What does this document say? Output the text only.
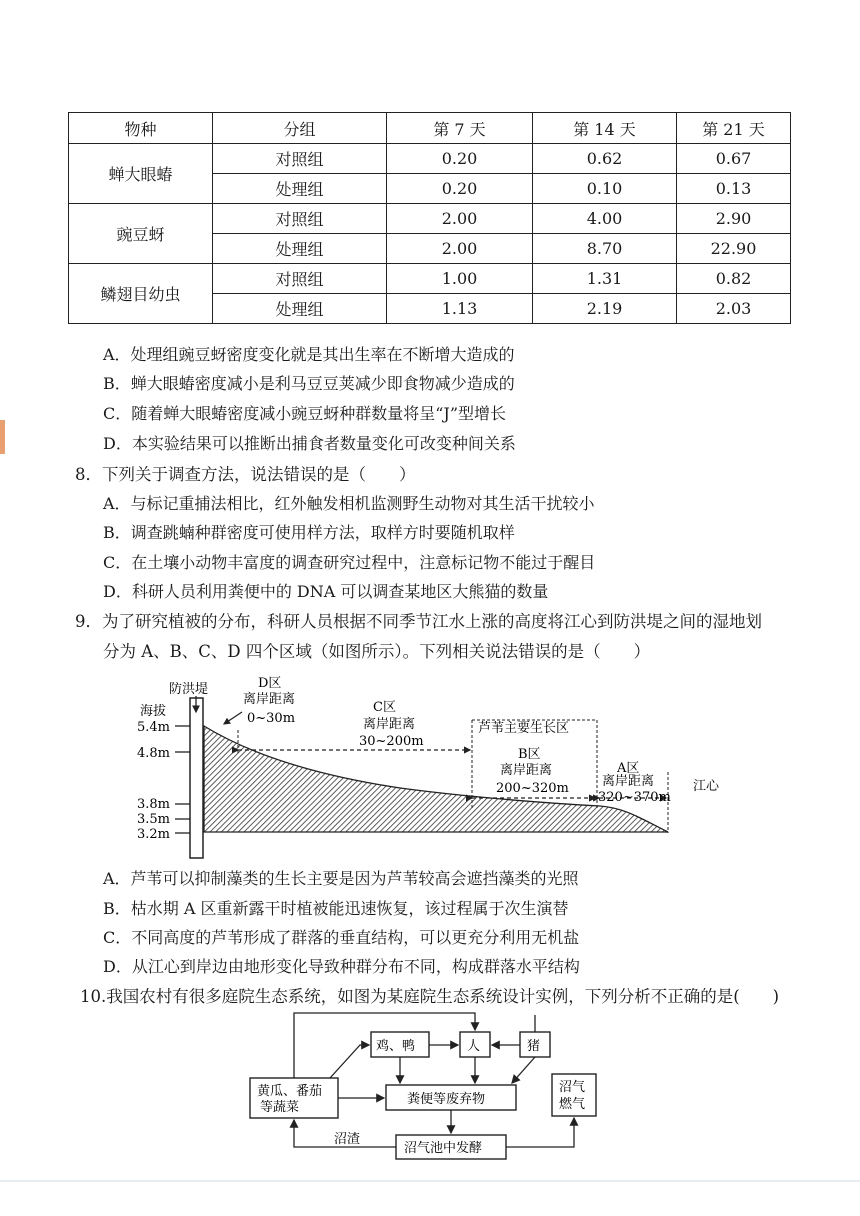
物种	分组	第 7 天	第 14 天	第 21 天
蝉大眼蝽	对照组	0.20	0.62	0.67
	处理组	0.20	0.10	0.13
豌豆蚜	对照组	2.00	4.00	2.90
	处理组	2.00	8.70	22.90
鳞翅目幼虫	对照组	1.00	1.31	0.82
	处理组	1.13	2.19	2.03
A．处理组豌豆蚜密度变化就是其出生率在不断增大造成的
B．蝉大眼蝽密度减小是利马豆豆荚减少即食物减少造成的
C．随着蝉大眼蝽密度减小豌豆蚜种群数量将呈“J”型增长
D．本实验结果可以推断出捕食者数量变化可改变种间关系
8．下列关于调查方法，说法错误的是（　　）
A．与标记重捕法相比，红外触发相机监测野生动物对其生活干扰较小
B．调查跳蝻种群密度可使用样方法，取样方时要随机取样
C．在土壤小动物丰富度的调查研究过程中，注意标记物不能过于醒目
D．科研人员利用粪便中的 DNA 可以调查某地区大熊猫的数量
9．为了研究植被的分布，科研人员根据不同季节江水上涨的高度将江心到防洪堤之间的湿地划
分为 A、B、C、D 四个区域（如图所示）。下列相关说法错误的是（　　）
海拔
5.4m
4.8m
3.8m
3.5m
3.2m
防洪堤	D区
离岸距离
0~30m
C区
离岸距离
30~200m
芦苇主要生长区
B区
离岸距离
200~320m
A区
离岸距离
320~370m
江心
A．芦苇可以抑制藻类的生长主要是因为芦苇较高会遮挡藻类的光照
B．枯水期 A 区重新露干时植被能迅速恢复，该过程属于次生演替
C．不同高度的芦苇形成了群落的垂直结构，可以更充分利用无机盐
D．从江心到岸边由地形变化导致种群分布不同，构成群落水平结构
10.我国农村有很多庭院生态系统，如图为某庭院生态系统设计实例，下列分析不正确的是(　　)
鸡、鸭	人	猪
黄瓜、番茄
等蔬菜
粪便等废弃物
沼气
燃气
沼气池中发酵
沼渣
